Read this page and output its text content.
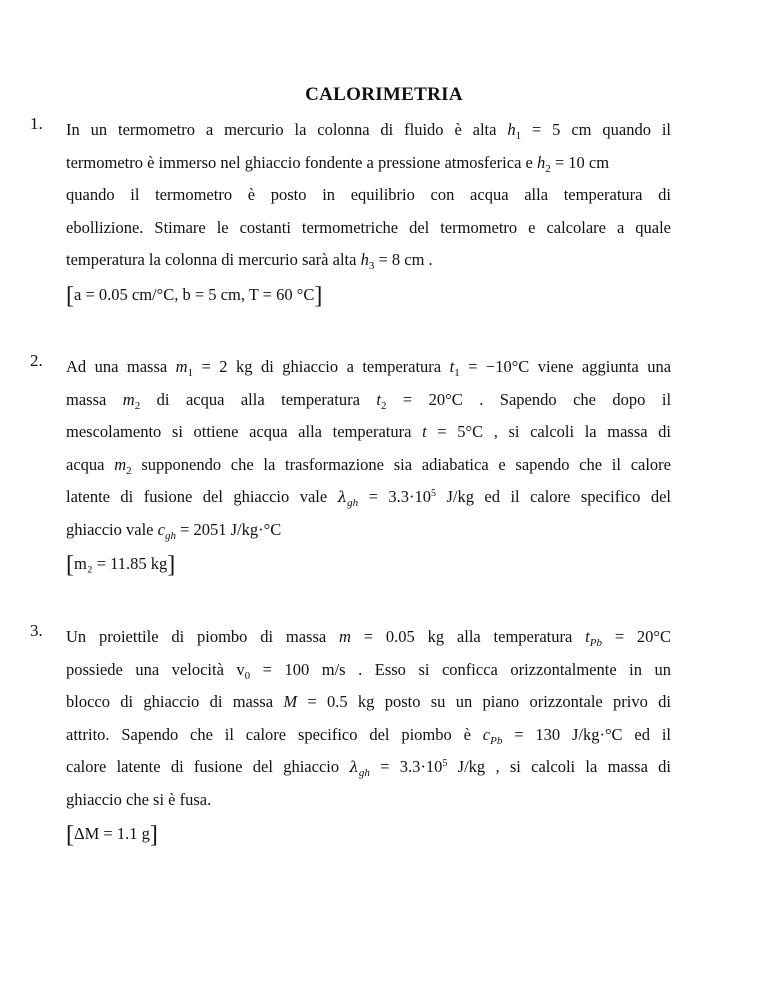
CALORIMETRIA
1. In un termometro a mercurio la colonna di fluido è alta $h_1 = 5$ cm quando il
termometro è immerso nel ghiaccio fondente a pressione atmosferica e $h_2 = 10$ cm
quando il termometro è posto in equilibrio con acqua alla temperatura di
ebollizione. Stimare le costanti termometriche del termometro e calcolare a quale
temperatura la colonna di mercurio sarà alta $h_3 = 8$ cm .
[a = 0.05 cm/°C, b = 5 cm, T = 60 °C]
2. Ad una massa $m_1 = 2$ kg di ghiaccio a temperatura $t_1 = -10^\circ C$ viene aggiunta una
massa $m_2$ di acqua alla temperatura $t_2 = 20^\circ C$ . Sapendo che dopo il
mescolamento si ottiene acqua alla temperatura t = 5°C , si calcoli la massa di
acqua $m_2$ supponendo che la trasformazione sia adiabatica e sapendo che il calore
latente di fusione del ghiaccio vale $\lambda_{gh} = 3.3\cdot 10^5$ J/kg ed il calore specifico del
ghiaccio vale $c_{gh} = 2051$ J/kg·°C
[m₂ = 11.85 kg]
3. Un proiettile di piombo di massa m = 0.05 kg alla temperatura $t_{Pb} = 20^\circ C$
possiede una velocità $v_0 = 100$ m/s . Esso si conficca orizzontalmente in un
blocco di ghiaccio di massa M = 0.5 kg posto su un piano orizzontale privo di
attrito. Sapendo che il calore specifico del piombo è $c_{Pb} = 130$ J/kg·°C ed il
calore latente di fusione del ghiaccio $\lambda_{gh} = 3.3\cdot 10^5$ J/kg , si calcoli la massa di
ghiaccio che si è fusa.
[ΔM = 1.1 g]
